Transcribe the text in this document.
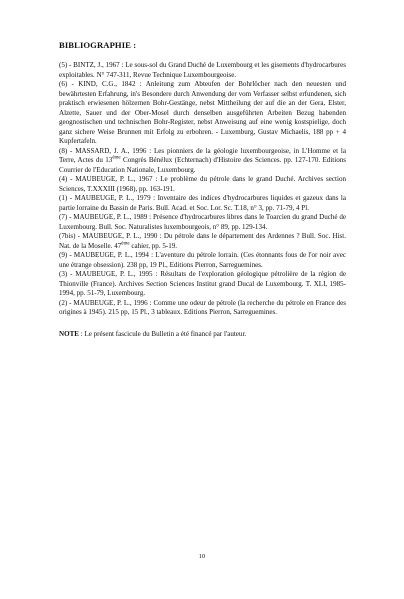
BIBLIOGRAPHIE :

(5) - BINTZ, J., 1967 : Le sous-sol du Grand Duché de Luxembourg et les gisements d'hydrocarbures exploitables. N° 747-311, Revue Technique Luxembourgeoise.

(6) - KIND, C.G., 1842 : Anleitung zum Abteufen der Bohrlöcher nach den neuesten und bewährtesten Erfahrung, in's Besondere durch Anwendung der vom Verfasser selbst erfundenen, sich praktisch erwiesenen hölzernen Bohr-Gestänge, nebst Mittheilung der auf die an der Gera, Elster, Alzette, Sauer und der Ober-Mosel durch denselben ausgeführten Arbeiten Bezug habenden geognostischen und technischen Bohr-Register, nebst Anweisung auf eine wenig kostspielige, doch ganz sichere Weise Brunnen mit Erfolg zu erbohren. - Luxemburg, Gustav Michaelis, 188 pp + 4 Kupfertafeln.

(8) - MASSARD, J. A., 1996 : Les pionniers de la géologie luxembourgeoise, in L'Homme et la Terre, Actes du 13ème Congrès Bénélux (Echternach) d'Histoire des Sciences. pp. 127-170. Editions Courrier de l'Education Nationale, Luxembourg.

(4) - MAUBEUGE, P. L., 1967 : Le problème du pétrole dans le grand Duché. Archives section Sciences, T.XXXIII (1968), pp. 163-191.

(1) - MAUBEUGE, P. L., 1979 : Inventaire des indices d'hydrocarbures liquides et gazeux dans la partie lorraine du Bassin de Paris. Bull. Acad. et Soc. Lor. Sc. T.18, n° 3, pp. 71-79, 4 Pl.

(7) - MAUBEUGE, P. L., 1989 : Présence d'hydrocarbures libres dans le Toarcien du grand Duché de Luxembourg. Bull. Soc. Naturalistes luxembourgeois, n° 89, pp. 129-134.

(7bis) - MAUBEUGE, P. L., 1990 : Du pétrole dans le département des Ardennes ? Bull. Soc. Hist. Nat. de la Moselle. 47ème cahier, pp. 5-19.

(9) - MAUBEUGE, P. L., 1994 : L'aventure du pétrole lorrain. (Ces étonnants fous de l'or noir avec une étrange obsession). 238 pp, 19 Pl., Editions Pierron, Sarreguemines.

(3) - MAUBEUGE, P. L., 1995 : Résultats de l'exploration géologique pétrolière de la région de Thionville (France). Archives Section Sciences Institut grand Ducal de Luxembourg. T. XLI, 1985-1994, pp. 51-79, Luxembourg.

(2) - MAUBEUGE, P. L., 1996 : Comme une odeur de pétrole (la recherche du pétrole en France des origines à 1945). 215 pp, 15 Pl., 3 tableaux. Editions Pierron, Sarreguemines.

NOTE : Le présent fascicule du Bulletin a été financé par l'auteur.
10
